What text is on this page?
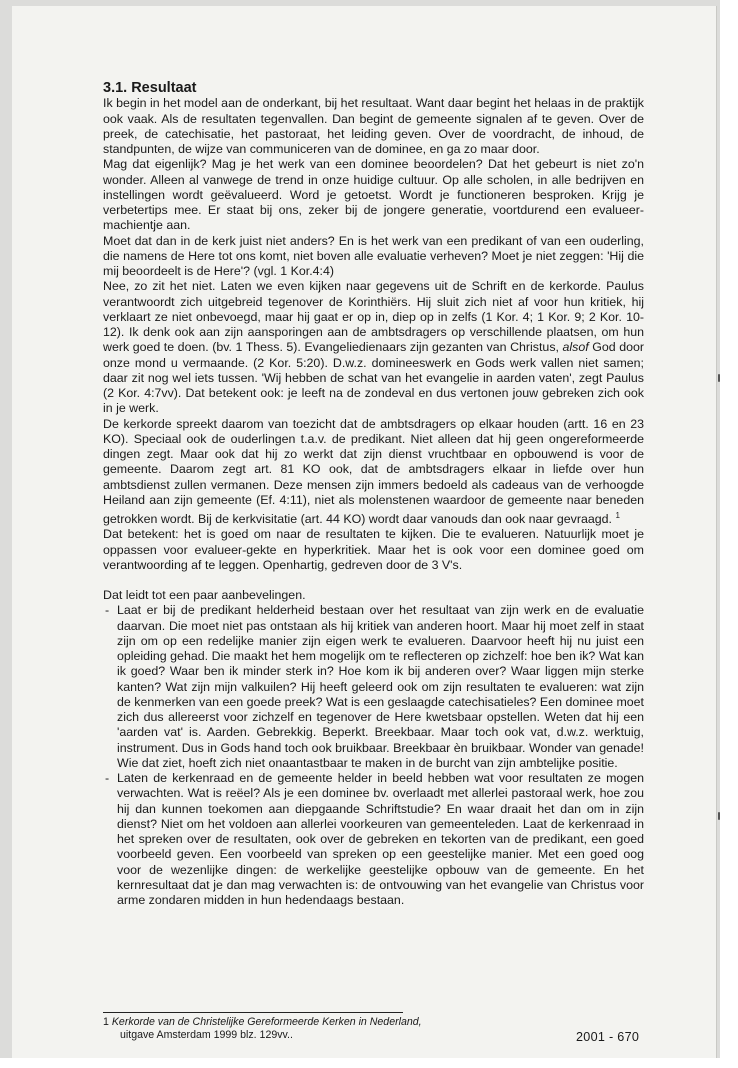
3.1. Resultaat

Ik begin in het model aan de onderkant, bij het resultaat. Want daar begint het helaas in de praktijk ook vaak. Als de resultaten tegenvallen. Dan begint de gemeente signalen af te geven. Over de preek, de catechisatie, het pastoraat, het leiding geven. Over de voordracht, de inhoud, de standpunten, de wijze van communiceren van de dominee, en ga zo maar door.

Mag dat eigenlijk? Mag je het werk van een dominee beoordelen? Dat het gebeurt is niet zo'n wonder. Alleen al vanwege de trend in onze huidige cultuur. Op alle scholen, in alle bedrijven en instellingen wordt geëvalueerd. Word je getoetst. Wordt je functioneren besproken. Krijg je verbetertips mee. Er staat bij ons, zeker bij de jongere generatie, voortdurend een evalueer-machientje aan.

Moet dat dan in de kerk juist niet anders? En is het werk van een predikant of van een ouderling, die namens de Here tot ons komt, niet boven alle evaluatie verheven? Moet je niet zeggen: 'Hij die mij beoordeelt is de Here'? (vgl. 1 Kor.4:4)

Nee, zo zit het niet. Laten we even kijken naar gegevens uit de Schrift en de kerkorde. Paulus verantwoordt zich uitgebreid tegenover de Korinthiërs. Hij sluit zich niet af voor hun kritiek, hij verklaart ze niet onbevoegd, maar hij gaat er op in, diep op in zelfs (1 Kor. 4; 1 Kor. 9; 2 Kor. 10-12). Ik denk ook aan zijn aansporingen aan de ambtsdragers op verschillende plaatsen, om hun werk goed te doen. (bv. 1 Thess. 5). Evangeliedienaars zijn gezanten van Christus, alsof God door onze mond u vermaande. (2 Kor. 5:20). D.w.z. domineeswerk en Gods werk vallen niet samen; daar zit nog wel iets tussen. 'Wij hebben de schat van het evangelie in aarden vaten', zegt Paulus (2 Kor. 4:7vv). Dat betekent ook: je leeft na de zondeval en dus vertonen jouw gebreken zich ook in je werk.

De kerkorde spreekt daarom van toezicht dat de ambtsdragers op elkaar houden (artt. 16 en 23 KO). Speciaal ook de ouderlingen t.a.v. de predikant. Niet alleen dat hij geen ongereformeerde dingen zegt. Maar ook dat hij zo werkt dat zijn dienst vruchtbaar en opbouwend is voor de gemeente. Daarom zegt art. 81 KO ook, dat de ambtsdragers elkaar in liefde over hun ambtsdienst zullen vermanen. Deze mensen zijn immers bedoeld als cadeaus van de verhoogde Heiland aan zijn gemeente (Ef. 4:11), niet als molenstenen waardoor de gemeente naar beneden getrokken wordt. Bij de kerkvisitatie (art. 44 KO) wordt daar vanouds dan ook naar gevraagd. $^1$

Dat betekent: het is goed om naar de resultaten te kijken. Die te evalueren. Natuurlijk moet je oppassen voor evalueer-gekte en hyperkritiek. Maar het is ook voor een dominee goed om verantwoording af te leggen. Openhartig, gedreven door de 3 V's.

Dat leidt tot een paar aanbevelingen.

- Laat er bij de predikant helderheid bestaan over het resultaat van zijn werk en de evaluatie daarvan. Die moet niet pas ontstaan als hij kritiek van anderen hoort. Maar hij moet zelf in staat zijn om op een redelijke manier zijn eigen werk te evalueren. Daarvoor heeft hij nu juist een opleiding gehad. Die maakt het hem mogelijk om te reflecteren op zichzelf: hoe ben ik? Wat kan ik goed? Waar ben ik minder sterk in? Hoe kom ik bij anderen over? Waar liggen mijn sterke kanten? Wat zijn mijn valkuilen? Hij heeft geleerd ook om zijn resultaten te evalueren: wat zijn de kenmerken van een goede preek? Wat is een geslaagde catechisatieles? Een dominee moet zich dus allereerst voor zichzelf en tegenover de Here kwetsbaar opstellen. Weten dat hij een 'aarden vat' is. Aarden. Gebrekkig. Beperkt. Breekbaar. Maar toch ook vat, d.w.z. werktuig, instrument. Dus in Gods hand toch ook bruikbaar. Breekbaar èn bruikbaar. Wonder van genade! Wie dat ziet, hoeft zich niet onaantastbaar te maken in de burcht van zijn ambtelijke positie.
- Laten de kerkenraad en de gemeente helder in beeld hebben wat voor resultaten ze mogen verwachten. Wat is reëel? Als je een dominee bv. overlaadt met allerlei pastoraal werk, hoe zou hij dan kunnen toekomen aan diepgaande Schriftstudie? En waar draait het dan om in zijn dienst? Niet om het voldoen aan allerlei voorkeuren van gemeenteleden. Laat de kerkenraad in het spreken over de resultaten, ook over de gebreken en tekorten van de predikant, een goed voorbeeld geven. Een voorbeeld van spreken op een geestelijke manier. Met een goed oog voor de wezenlijke dingen: de werkelijke geestelijke opbouw van de gemeente. En het kernresultaat dat je dan mag verwachten is: de ontvouwing van het evangelie van Christus voor arme zondaren midden in hun hedendaags bestaan.
1 Kerkorde van de Christelijke Gereformeerde Kerken in Nederland,
uitgave Amsterdam 1999 blz. 129vv..	2001 - 670
